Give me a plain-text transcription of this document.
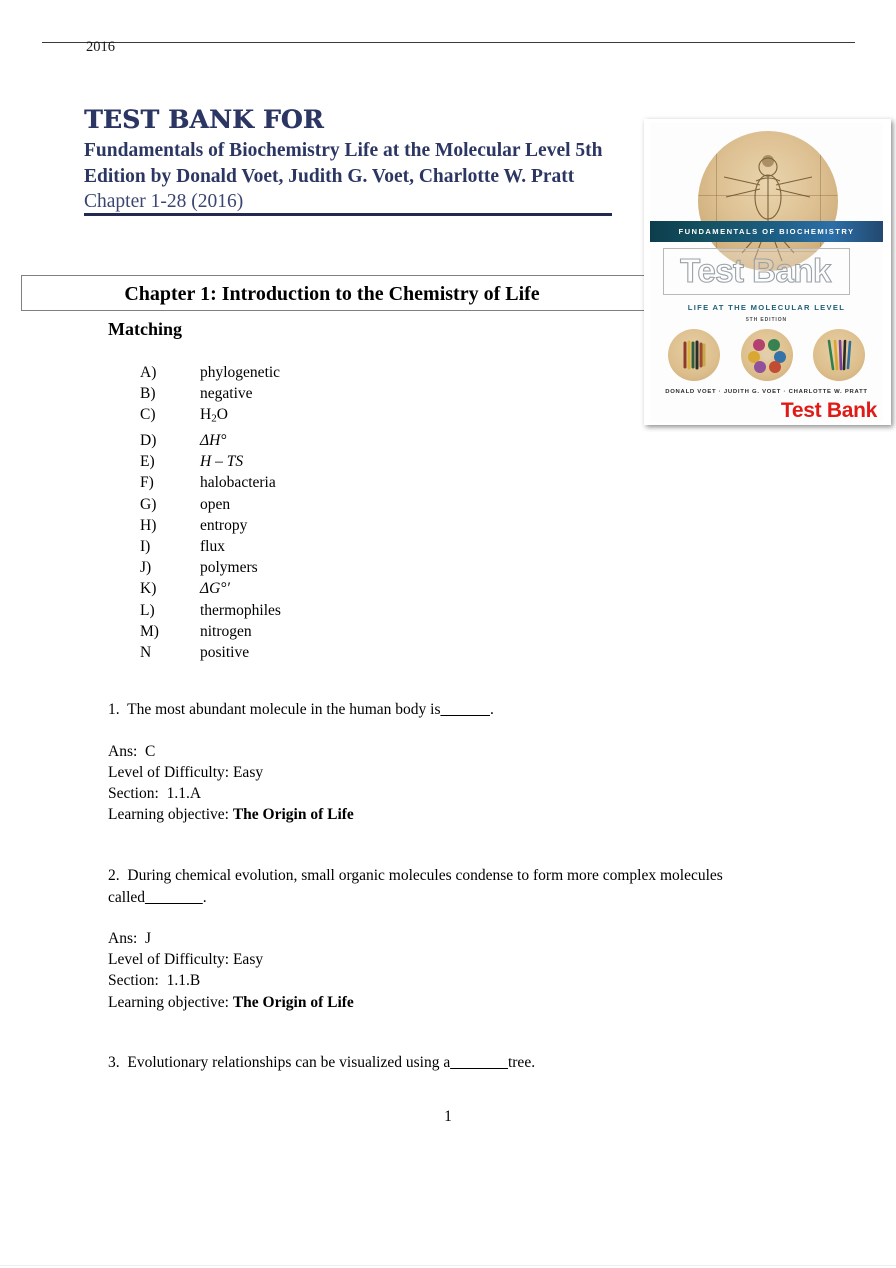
2016
TEST BANK FOR
Fundamentals of Biochemistry Life at the Molecular Level 5th Edition by Donald Voet, Judith G. Voet, Charlotte W. Pratt Chapter 1-28 (2016)
Chapter 1: Introduction to the Chemistry of Life
Matching
A)	phylogenetic
B)	negative
C)	$H_2O$
D)	ΔH°
E)	H – TS
F)	halobacteria
G)	open
H)	entropy
I)	flux
J)	polymers
K)	ΔG°′
L)	thermophiles
M)	nitrogen
N	positive

1. The most abundant molecule in the human body is______.

Ans: C

Level of Difficulty: Easy

Section: 1.1.A

Learning objective: The Origin of Life

2. During chemical evolution, small organic molecules condense to form more complex molecules called_______.

Ans: J

Level of Difficulty: Easy

Section: 1.1.B

Learning objective: The Origin of Life

3. Evolutionary relationships can be visualized using a_______tree.

1
FUNDAMENTALS OF BIOCHEMISTRY
Test Bank
LIFE AT THE MOLECULAR LEVEL
5TH EDITION
DONALD VOET · JUDITH G. VOET · CHARLOTTE W. PRATT
Test Bank
